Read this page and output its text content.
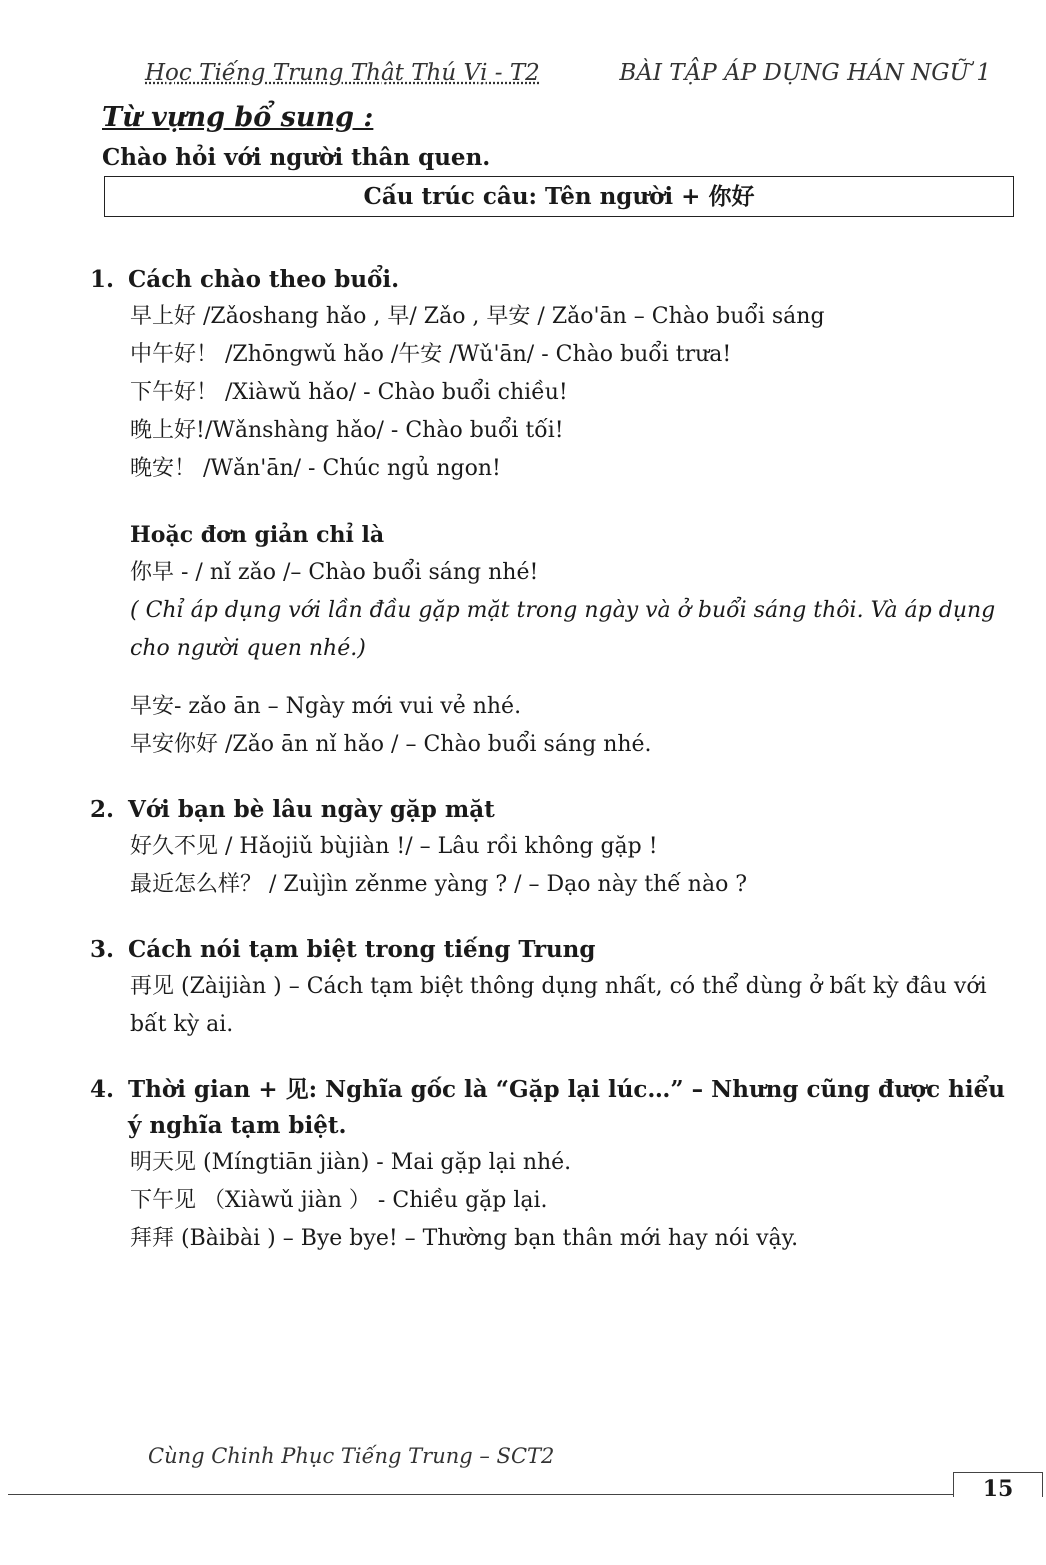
Học Tiếng Trung Thật Thú Vị - T2	BÀI TẬP ÁP DỤNG HÁN NGỮ 1
Từ vựng bổ sung :
Chào hỏi với người thân quen.
Cấu trúc câu: Tên người + 你好
1. Cách chào theo buổi.
早上好 /Zǎoshang hǎo , 早/ Zǎo , 早安 / Zǎo'ān – Chào buổi sáng
中午好！ /Zhōngwǔ hǎo /午安 /Wǔ'ān/ - Chào buổi trưa!
下午好！ /Xiàwǔ hǎo/ - Chào buổi chiều!
晚上好!/Wǎnshàng hǎo/ - Chào buổi tối!
晚安！ /Wǎn'ān/ - Chúc ngủ ngon!
Hoặc đơn giản chỉ là
你早 - / nǐ zǎo /– Chào buổi sáng nhé!
( Chỉ áp dụng với lần đầu gặp mặt trong ngày và ở buổi sáng thôi. Và áp dụng cho người quen nhé.)
早安- zǎo ān – Ngày mới vui vẻ nhé.
早安你好 /Zǎo ān nǐ hǎo / – Chào buổi sáng nhé.
2. Với bạn bè lâu ngày gặp mặt
好久不见 / Hǎojiǔ bùjiàn !/ – Lâu rồi không gặp !
最近怎么样？ / Zuìjìn zěnme yàng ? / – Dạo này thế nào ?
3. Cách nói tạm biệt trong tiếng Trung
再见 (Zàijiàn ) – Cách tạm biệt thông dụng nhất, có thể dùng ở bất kỳ đâu với bất kỳ ai.
4. Thời gian + 见: Nghĩa gốc là “Gặp lại lúc…” – Nhưng cũng được hiểu ý nghĩa tạm biệt.
明天见 (Míngtiān jiàn) - Mai gặp lại nhé.
下午见 （Xiàwǔ jiàn ） - Chiều gặp lại.
拜拜 (Bàibài ) – Bye bye! – Thường bạn thân mới hay nói vậy.
Cùng Chinh Phục Tiếng Trung – SCT2
15
